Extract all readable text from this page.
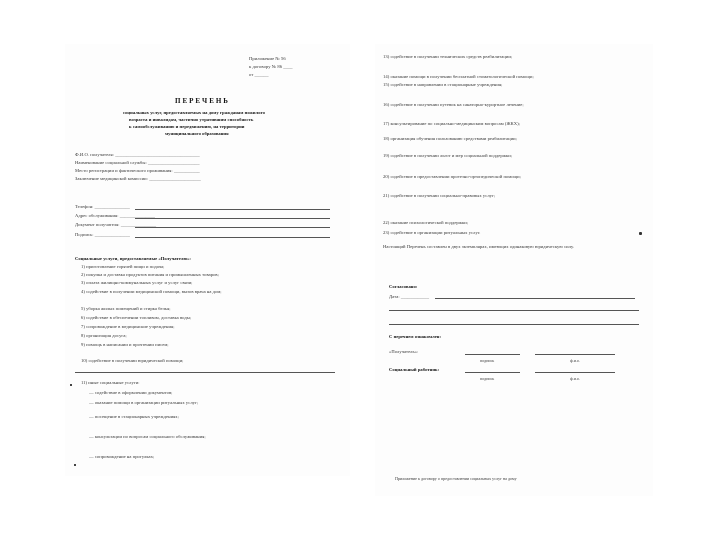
Приложение № 56
к договору № 86 ____
от ______
ПЕРЕЧЕНЬ
социальных услуг, предоставляемых на дому гражданам пожилого
возраста и инвалидам, частично утратившим способность
к самообслуживанию и передвижению, на территории
муниципального образования
Ф.И.О. получателя: ____________________________________
Наименование социальной службы: ______________________
Место регистрации и фактического проживания: ___________
Заключение медицинской комиссии: ______________________
Телефон: _______________
Адрес обслуживания: _______________
Документ получателя: _______________
Подпись: _______________
Социальные услуги, предоставляемые «Получателю»:
1) приготовление горячей пищи и подача;
2) покупка и доставка продуктов питания и промышленных товаров;
3) оплата жилищно-коммунальных услуг и услуг связи;
4) содействие в получении медицинской помощи, вызов врача на дом;
5) уборка жилых помещений и стирка белья;
6) содействие в обеспечении топливом, доставка воды;
7) сопровождение в медицинские учреждения;
8) организация досуга;
9) помощь в написании и прочтении писем;
10) содействие в получении юридической помощи;
11) иные социальные услуги:
— содействие в оформлении документов;
— оказание помощи в организации ритуальных услуг;
— посещение в стационарных учреждениях;
— консультации по вопросам социального обслуживания;
— сопровождение на прогулках;
13) содействие в получении технических средств реабилитации;
14) оказание помощи в получении бесплатной стоматологической помощи;
15) содействие в направлении в стационарные учреждения;
16) содействие в получении путевок на санаторно-курортное лечение;
17) консультирование по социально-медицинским вопросам (ЖКХ);
18) организация обучения пользованию средствами реабилитации;
19) содействие в получении льгот и мер социальной поддержки;
20) содействие в предоставлении протезно-ортопедической помощи;
21) содействие в получении социально-правовых услуг;
22) оказание психологической поддержки;
23) содействие в организации ритуальных услуг.
Настоящий Перечень составлен в двух экземплярах, имеющих одинаковую юридическую силу.
Согласовано:
Дата: ____________
С перечнем ознакомлен:
«Получатель»:
подпись	ф.и.о.
Социальный работник:
подпись	ф.и.о.
Приложение к договору о предоставлении социальных услуг на дому
